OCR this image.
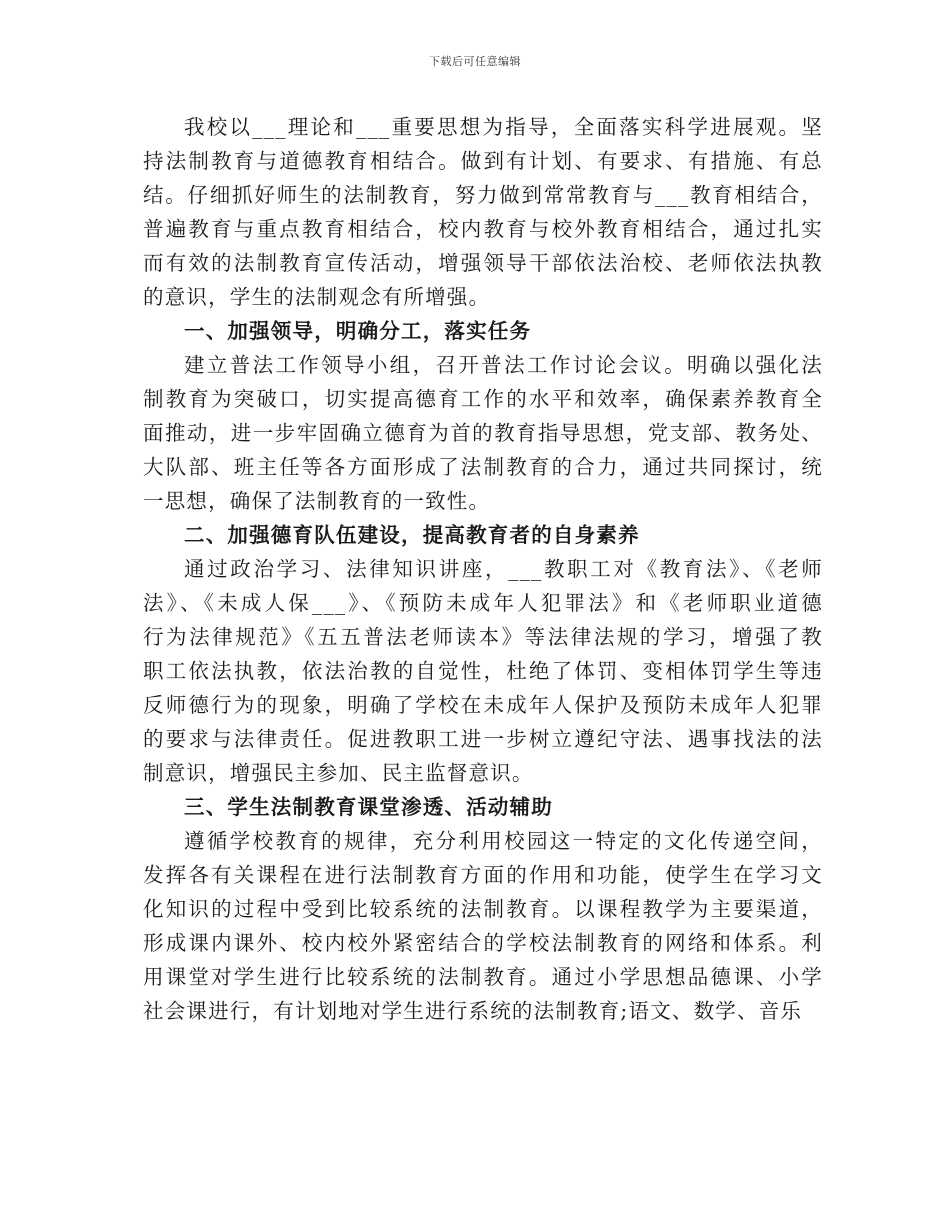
下载后可任意编辑
我校以___理论和___重要思想为指导，全面落实科学进展观。坚
持法制教育与道德教育相结合。做到有计划、有要求、有措施、有总
结。仔细抓好师生的法制教育，努力做到常常教育与___教育相结合，
普遍教育与重点教育相结合，校内教育与校外教育相结合，通过扎实
而有效的法制教育宣传活动，增强领导干部依法治校、老师依法执教
的意识，学生的法制观念有所增强。
一、加强领导，明确分工，落实任务
建立普法工作领导小组，召开普法工作讨论会议。明确以强化法
制教育为突破口，切实提高德育工作的水平和效率，确保素养教育全
面推动，进一步牢固确立德育为首的教育指导思想，党支部、教务处、
大队部、班主任等各方面形成了法制教育的合力，通过共同探讨，统
一思想，确保了法制教育的一致性。
二、加强德育队伍建设，提高教育者的自身素养
通过政治学习、法律知识讲座，___教职工对《教育法》、《老师
法》、《未成人保___》、《预防未成年人犯罪法》和《老师职业道德
行为法律规范》《五五普法老师读本》等法律法规的学习，增强了教
职工依法执教，依法治教的自觉性，杜绝了体罚、变相体罚学生等违
反师德行为的现象，明确了学校在未成年人保护及预防未成年人犯罪
的要求与法律责任。促进教职工进一步树立遵纪守法、遇事找法的法
制意识，增强民主参加、民主监督意识。
三、学生法制教育课堂渗透、活动辅助
遵循学校教育的规律，充分利用校园这一特定的文化传递空间，
发挥各有关课程在进行法制教育方面的作用和功能，使学生在学习文
化知识的过程中受到比较系统的法制教育。以课程教学为主要渠道，
形成课内课外、校内校外紧密结合的学校法制教育的网络和体系。利
用课堂对学生进行比较系统的法制教育。通过小学思想品德课、小学
社会课进行，有计划地对学生进行系统的法制教育;语文、数学、音乐
